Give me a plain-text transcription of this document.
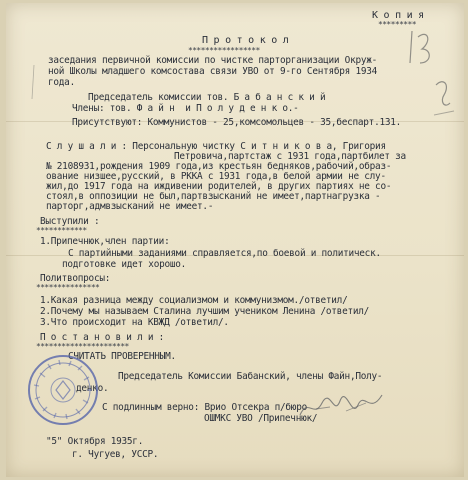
К о п и я
*********
П р о т о к о л
*****************
заседания первичной комиссии по чистке парторганизации Окруж-
ной Школы младшего комсостава связи УВО от 9-го Сентября 1934
года.
Председатель комиссии тов. Б а б а н с к и й
Члены: тов. Ф а й н  и П о л у д е н к о.-
Присутствуют: Коммунистов - 25,комсомольцев - 35,беспарт.131.
С л у ш а л и : Персональную чистку С и т н и к о в а, Григория
Петровича,партстаж с 1931 года,партбилет за
№ 2108931,рождения 1909 года,из крестьян бедняков,рабочий,образ-
ование низшее,русский, в РККА с 1931 года,в белой армии не слу-
жил,до 1917 года на иждивении родителей, в других партиях не со-
стоял,в оппозиции не был,партвзысканий не имеет,партнагрузка -
парторг,адмвзысканий не имеет.-
Выступили :
************
1.Припечнюк,член партии:
С партийными заданиями справляется,по боевой и политическ.
подготовке идет хорошо.
Политвопросы:
***************
1.Какая разница между социализмом и коммунизмом./ответил/
2.Почему мы называем Сталина лучшим учеником Ленина /ответил/
3.Что происходит на КВЖД /ответил/.
П о с т а н о в и л и :
**********************
СЧИТАТЬ ПРОВЕРЕННЫМ.
Председатель Комиссии Бабанский, члены Файн,Полу-
денко.
С подлинным верно: Врио Отсекра п/бюро
ОШМКС УВО /Припечнюк/
"5" Октября 1935г.
г. Чугуев, УССР.
